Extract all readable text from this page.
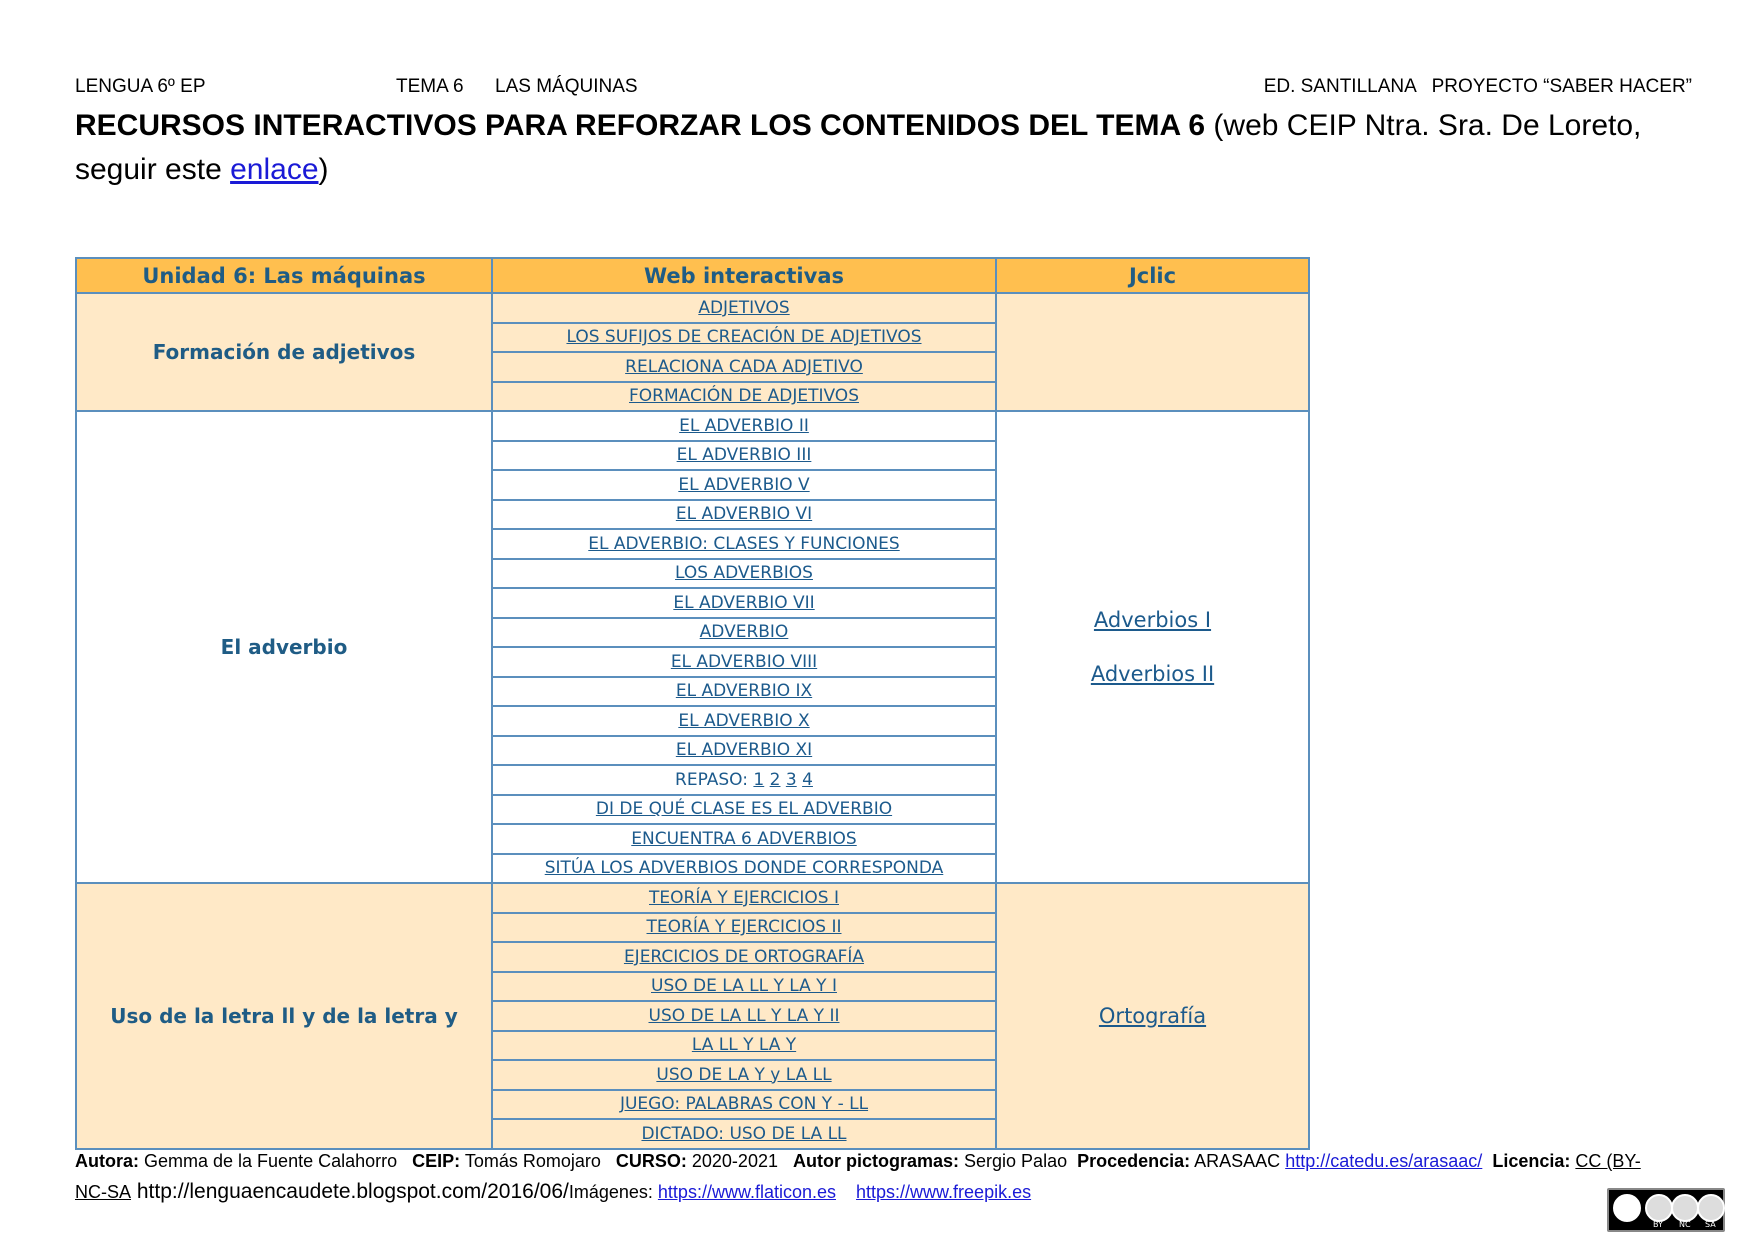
LENGUA 6º EP	TEMA 6 LAS MÁQUINAS	ED. SANTILLANA   PROYECTO “SABER HACER”
RECURSOS INTERACTIVOS PARA REFORZAR LOS CONTENIDOS DEL TEMA 6 (web CEIP Ntra. Sra. De Loreto, seguir este enlace)
Unidad 6: Las máquinas	Web interactivas	Jclic
Formación de adjetivos	ADJETIVOS	
	LOS SUFIJOS DE CREACIÓN DE ADJETIVOS	
	RELACIONA CADA ADJETIVO	
	FORMACIÓN DE ADJETIVOS	
El adverbio	EL ADVERBIO II	Adverbios I
Adverbios II

	EL ADVERBIO III	
	EL ADVERBIO V	
	EL ADVERBIO VI	
	EL ADVERBIO: CLASES Y FUNCIONES	
	LOS ADVERBIOS	
	EL ADVERBIO VII	
	ADVERBIO	
	EL ADVERBIO VIII	
	EL ADVERBIO IX	
	EL ADVERBIO X	
	EL ADVERBIO XI	
	REPASO: 1 2 3 4	
	DI DE QUÉ CLASE ES EL ADVERBIO	
	ENCUENTRA 6 ADVERBIOS	
	SITÚA LOS ADVERBIOS DONDE CORRESPONDA	
Uso de la letra ll y de la letra y	TEORÍA Y EJERCICIOS I	Ortografía

	TEORÍA Y EJERCICIOS II	
	EJERCICIOS DE ORTOGRAFÍA	
	USO DE LA LL Y LA Y I	
	USO DE LA LL Y LA Y II	
	LA LL Y LA Y	
	USO DE LA Y y LA LL	
	JUEGO: PALABRAS CON Y - LL	
	DICTADO: USO DE LA LL	
Autora: Gemma de la Fuente Calahorro   CEIP: Tomás Romojaro   CURSO: 2020-2021   Autor pictogramas: Sergio Palao  Procedencia: ARASAAC http://catedu.es/arasaac/ Licencia: CC (BY-
NC-SA http://lenguaencaudete.blogspot.com/2016/06/Imágenes: https://www.flaticon.es https://www.freepik.es
BY NC SA
